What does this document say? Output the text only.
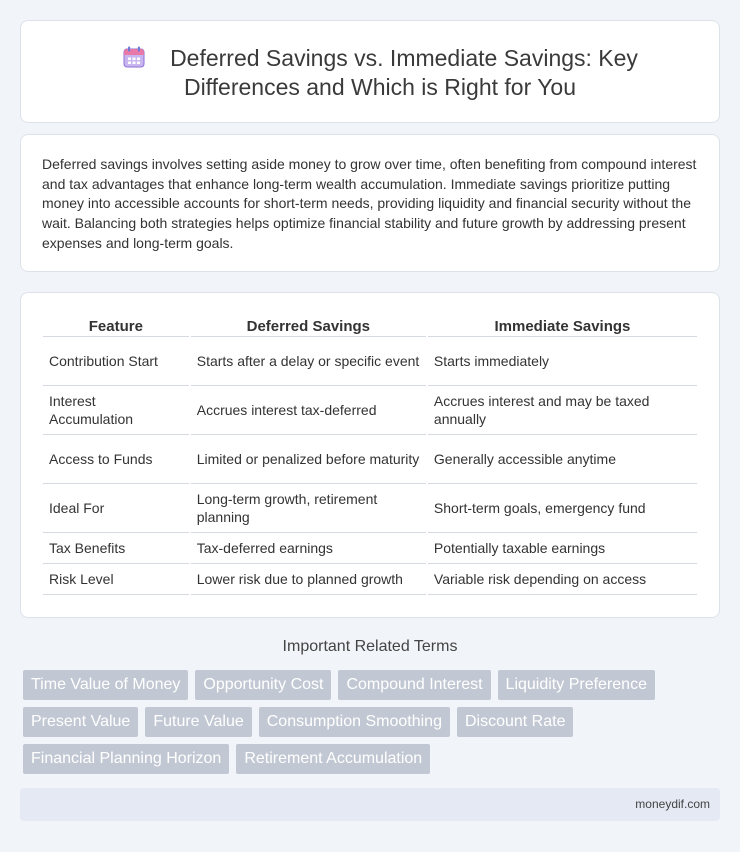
Deferred Savings vs. Immediate Savings: Key Differences and Which is Right for You

Deferred savings involves setting aside money to grow over time, often benefiting from compound interest and tax advantages that enhance long-term wealth accumulation. Immediate savings prioritize putting money into accessible accounts for short-term needs, providing liquidity and financial security without the wait. Balancing both strategies helps optimize financial stability and future growth by addressing present expenses and long-term goals.

Feature	Deferred Savings	Immediate Savings
Contribution Start	Starts after a delay or specific event	Starts immediately
Interest Accumulation	Accrues interest tax-deferred	Accrues interest and may be taxed annually
Access to Funds	Limited or penalized before maturity	Generally accessible anytime
Ideal For	Long-term growth, retirement planning	Short-term goals, emergency fund
Tax Benefits	Tax-deferred earnings	Potentially taxable earnings
Risk Level	Lower risk due to planned growth	Variable risk depending on access
Important Related Terms
Time Value of Money	Opportunity Cost	Compound Interest	Liquidity Preference
Present Value	Future Value	Consumption Smoothing	Discount Rate
Financial Planning Horizon	Retirement Accumulation
moneydif.com
